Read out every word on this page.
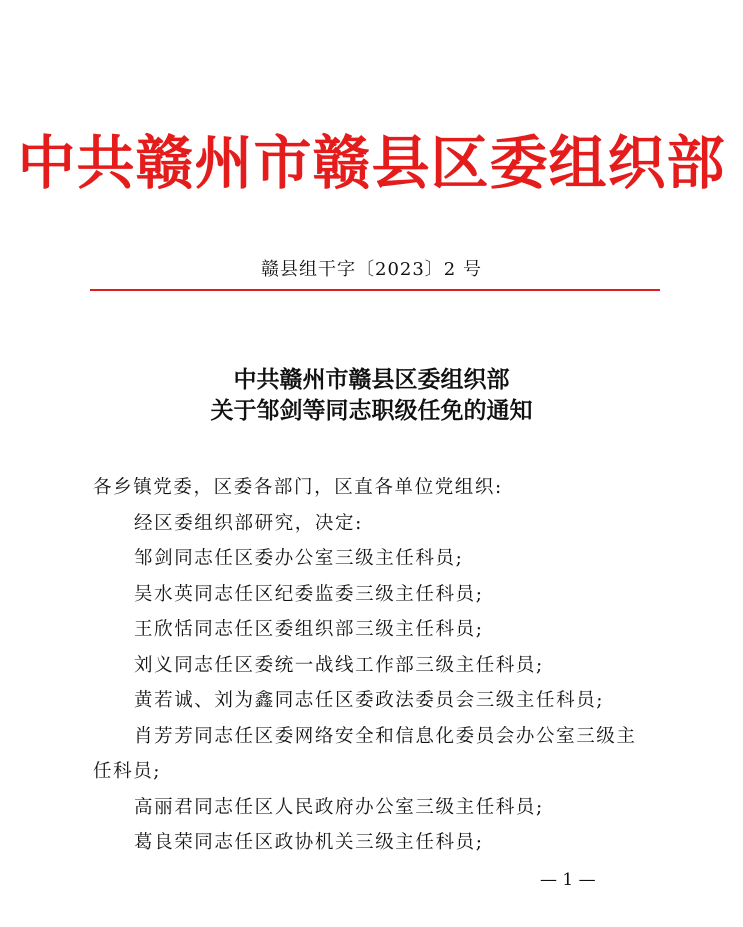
中共赣州市赣县区委组织部
赣县组干字〔2023〕2 号
中共赣州市赣县区委组织部
关于邹剑等同志职级任免的通知

各乡镇党委，区委各部门，区直各单位党组织:

经区委组织部研究，决定:

邹剑同志任区委办公室三级主任科员;

吴水英同志任区纪委监委三级主任科员;

王欣恬同志任区委组织部三级主任科员;

刘义同志任区委统一战线工作部三级主任科员;

黄若诚、刘为鑫同志任区委政法委员会三级主任科员;

肖芳芳同志任区委网络安全和信息化委员会办公室三级主任科员;

高丽君同志任区人民政府办公室三级主任科员;

葛良荣同志任区政协机关三级主任科员;

— 1 —
